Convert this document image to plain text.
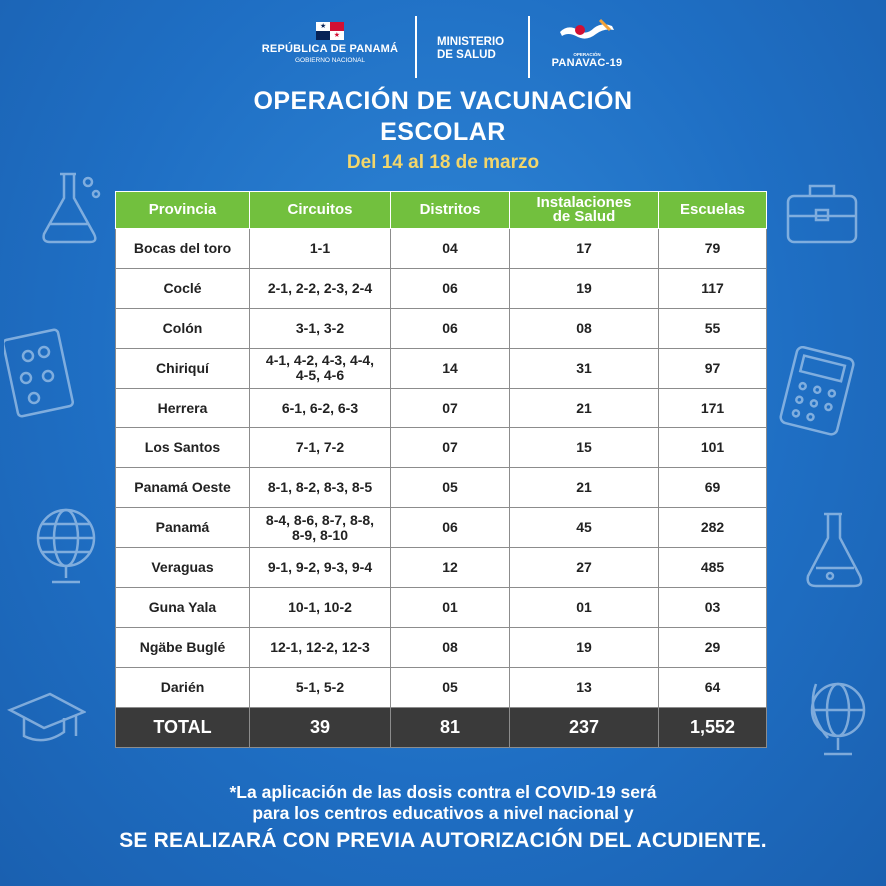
★
★
REPÚBLICA DE PANAMÁ
GOBIERNO NACIONAL
MINISTERIO
DE SALUD	OPERACIÓN
PANAVAC-19
OPERACIÓN DE VACUNACIÓN
ESCOLAR
Del 14 al 18 de marzo
Provincia	Circuitos	Distritos	Instalaciones
de Salud	Escuelas
Bocas del toro	1-1	04	17	79
Coclé	2-1, 2-2, 2-3, 2-4	06	19	117
Colón	3-1, 3-2	06	08	55
Chiriquí	4-1, 4-2, 4-3, 4-4,
4-5, 4-6	14	31	97
Herrera	6-1, 6-2, 6-3	07	21	171
Los Santos	7-1, 7-2	07	15	101
Panamá Oeste	8-1, 8-2, 8-3, 8-5	05	21	69
Panamá	8-4, 8-6, 8-7, 8-8,
8-9, 8-10	06	45	282
Veraguas	9-1, 9-2, 9-3, 9-4	12	27	485
Guna Yala	10-1, 10-2	01	01	03
Ngäbe Buglé	12-1, 12-2, 12-3	08	19	29
Darién	5-1, 5-2	05	13	64
TOTAL	39	81	237	1,552
*La aplicación de las dosis contra el COVID-19 será
para los centros educativos a nivel nacional y
SE REALIZARÁ CON PREVIA AUTORIZACIÓN DEL ACUDIENTE.
